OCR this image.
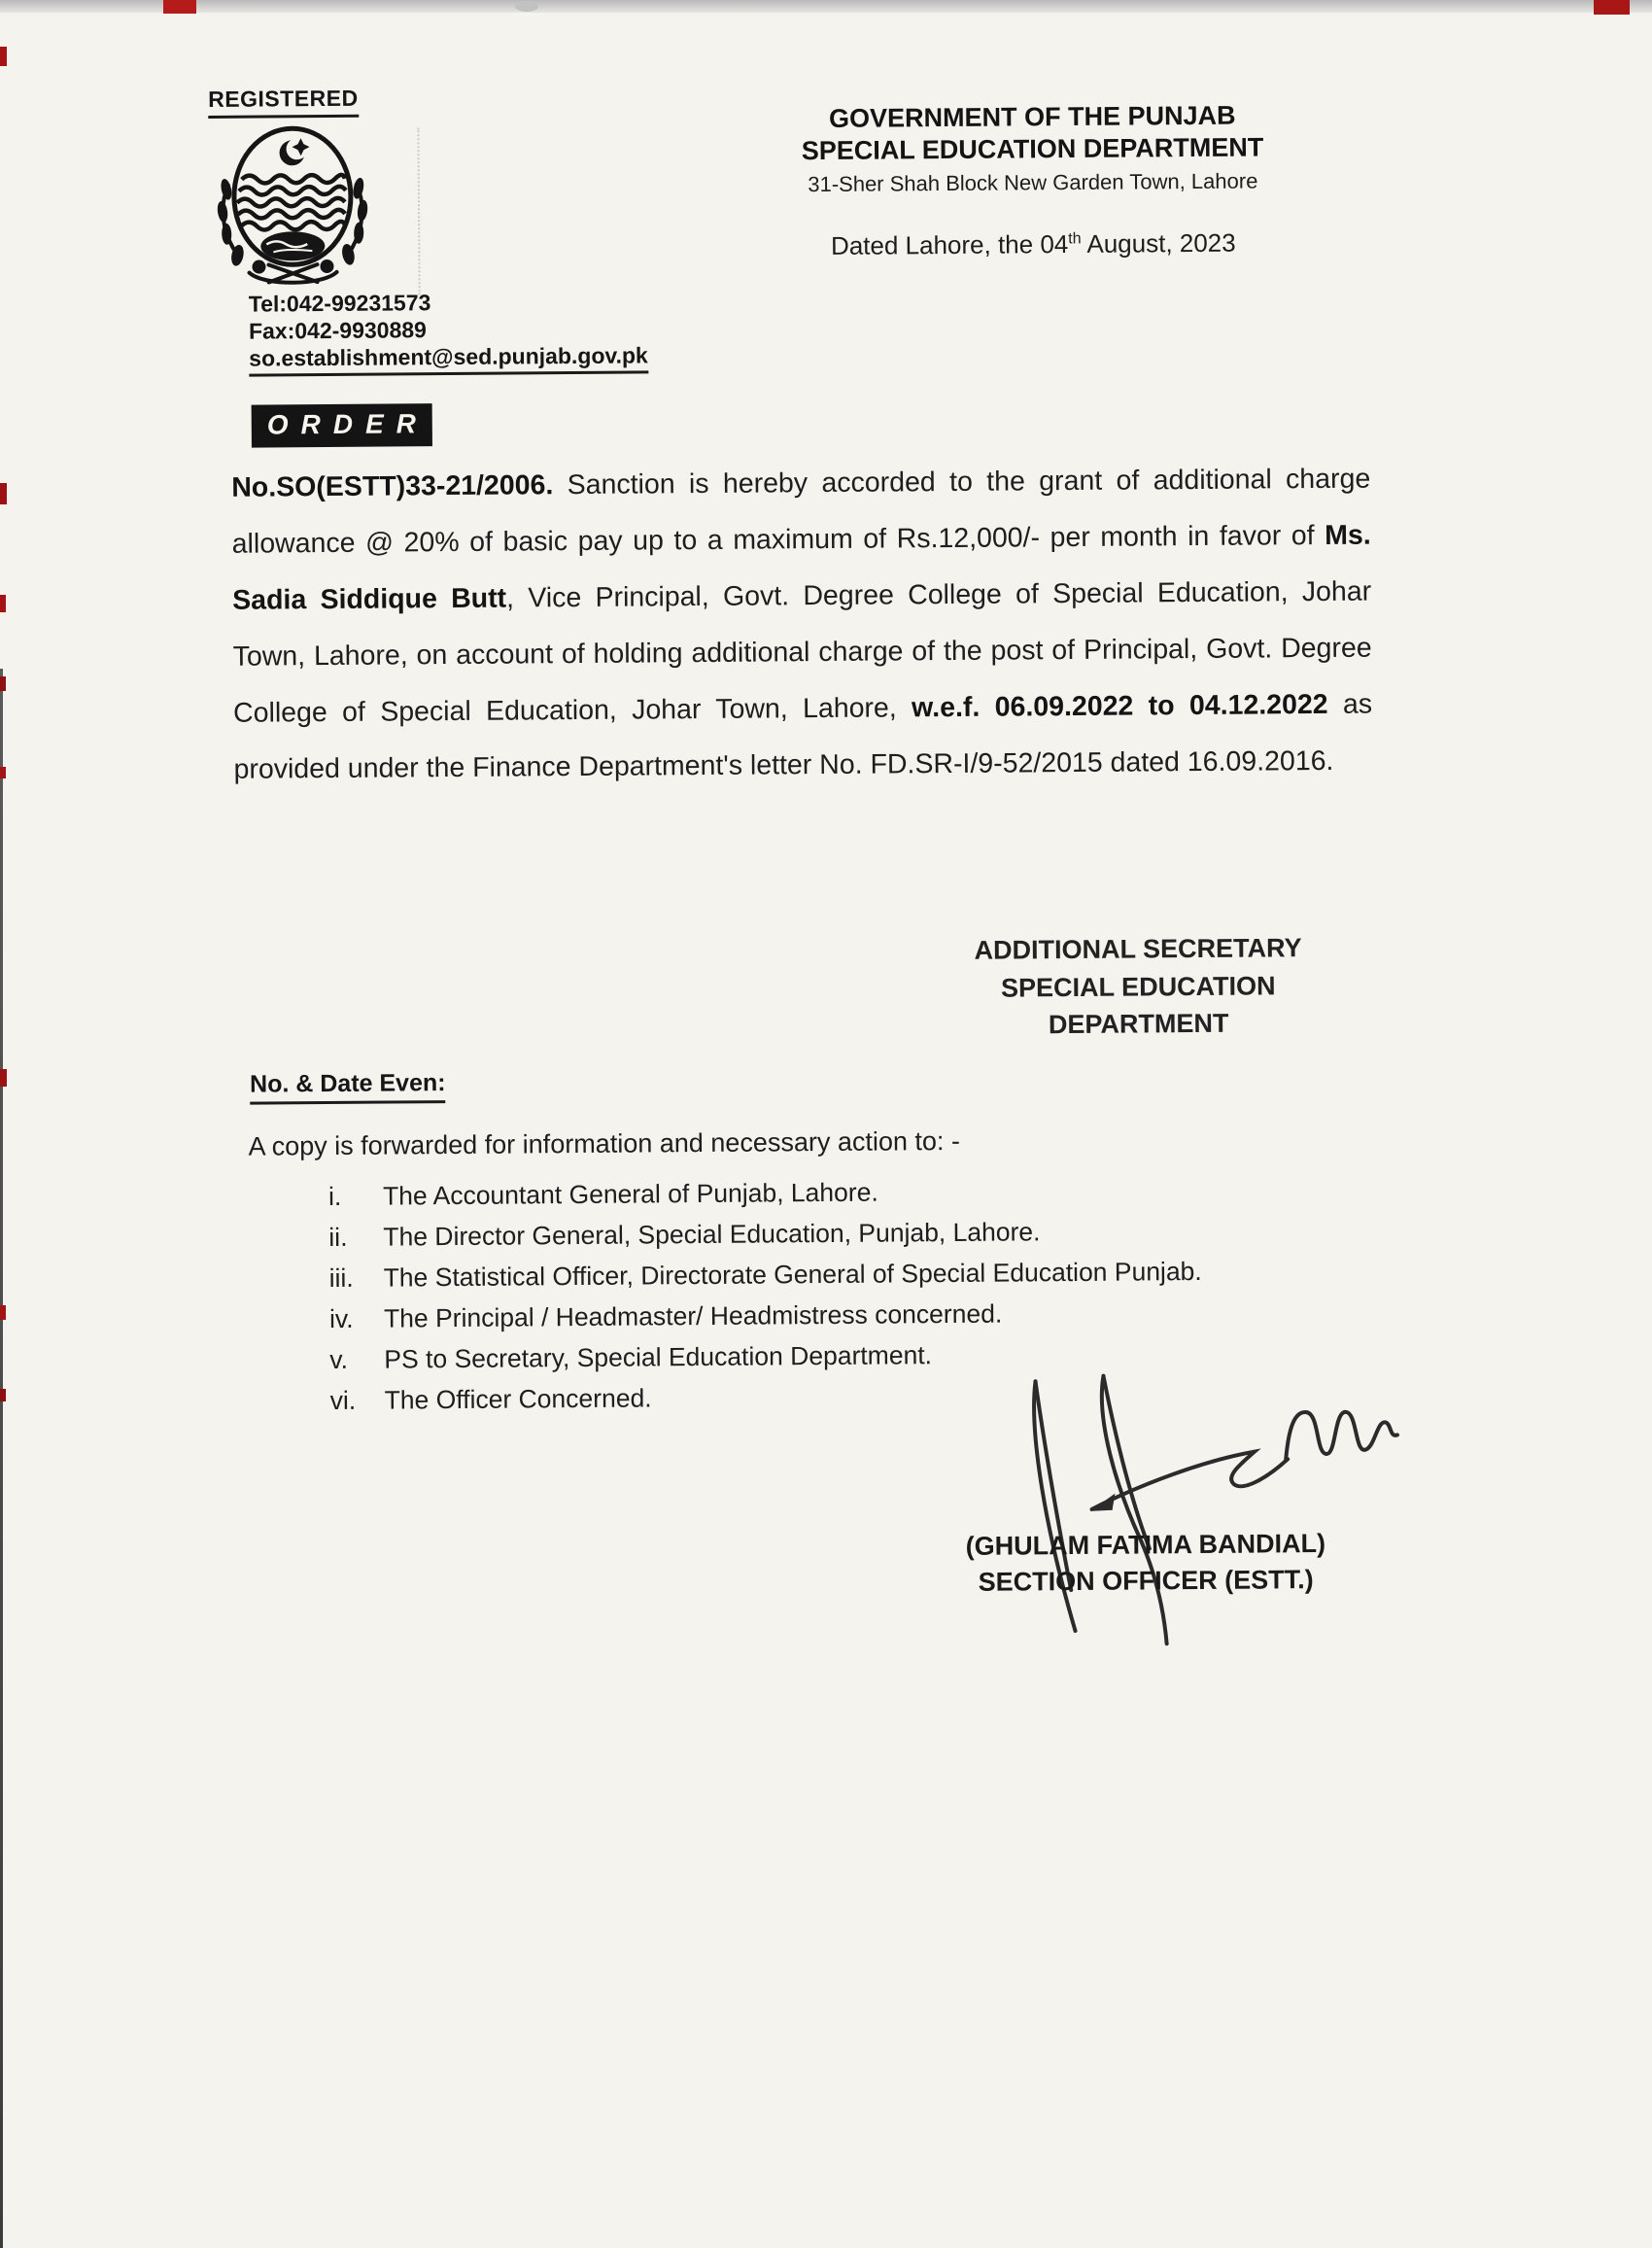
REGISTERED
Tel:042-99231573
Fax:042-9930889
so.establishment@sed.punjab.gov.pk
GOVERNMENT OF THE PUNJAB
SPECIAL EDUCATION DEPARTMENT
31-Sher Shah Block New Garden Town, Lahore
Dated Lahore, the 04th August, 2023
ORDER
No.SO(ESTT)33-21/2006. Sanction is hereby accorded to the grant of additional charge allowance @ 20% of basic pay up to a maximum of Rs.12,000/- per month in favor of Ms. Sadia Siddique Butt, Vice Principal, Govt. Degree College of Special Education, Johar Town, Lahore, on account of holding additional charge of the post of Principal, Govt. Degree College of Special Education, Johar Town, Lahore, w.e.f. 06.09.2022 to 04.12.2022 as provided under the Finance Department's letter No. FD.SR-I/9-52/2015 dated 16.09.2016.
ADDITIONAL SECRETARY
SPECIAL EDUCATION
DEPARTMENT
No. & Date Even:
A copy is forwarded for information and necessary action to: -
i.	The Accountant General of Punjab, Lahore.
ii.	The Director General, Special Education, Punjab, Lahore.
iii.	The Statistical Officer, Directorate General of Special Education Punjab.
iv.	The Principal / Headmaster/ Headmistress concerned.
v.	PS to Secretary, Special Education Department.
vi.	The Officer Concerned.
(GHULAM FATIMA BANDIAL)
SECTION OFFICER (ESTT.)
